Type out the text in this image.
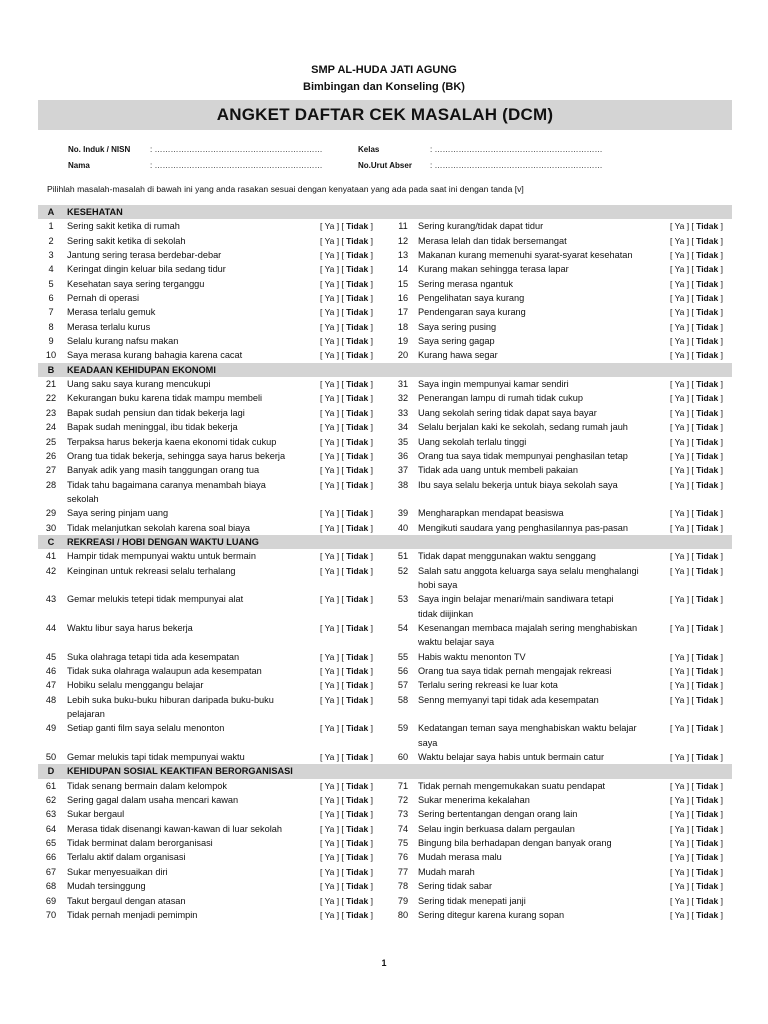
SMP AL-HUDA JATI AGUNG
Bimbingan dan Konseling (BK)
ANGKET DAFTAR CEK MASALAH (DCM)
No. Induk / NISN : ………………………………………………………
Nama	: ………………………………………………………
Kelas	: ………………………………………………………
No.Urut Abser : ………………………………………………………
Pilihlah masalah-masalah di bawah ini yang anda rasakan sesuai dengan kenyataan yang ada pada saat ini dengan tanda [v]
A	KESEHATAN
1	Sering sakit ketika di rumah	[ Ya ] [ Tidak ]	11	Sering kurang/tidak dapat tidur	[ Ya ] [ Tidak ]
2	Sering sakit ketika di sekolah	[ Ya ] [ Tidak ]	12	Merasa lelah dan tidak bersemangat	[ Ya ] [ Tidak ]
3	Jantung sering terasa berdebar-debar	[ Ya ] [ Tidak ]	13	Makanan kurang memenuhi syarat-syarat kesehatan	[ Ya ] [ Tidak ]
4	Keringat dingin keluar bila sedang tidur	[ Ya ] [ Tidak ]	14	Kurang makan sehingga terasa lapar	[ Ya ] [ Tidak ]
5	Kesehatan saya sering terganggu	[ Ya ] [ Tidak ]	15	Sering merasa ngantuk	[ Ya ] [ Tidak ]
6	Pernah di operasi	[ Ya ] [ Tidak ]	16	Pengelihatan saya kurang	[ Ya ] [ Tidak ]
7	Merasa terlalu gemuk	[ Ya ] [ Tidak ]	17	Pendengaran saya kurang	[ Ya ] [ Tidak ]
8	Merasa terlalu kurus	[ Ya ] [ Tidak ]	18	Saya sering pusing	[ Ya ] [ Tidak ]
9	Selalu kurang nafsu makan	[ Ya ] [ Tidak ]	19	Saya sering gagap	[ Ya ] [ Tidak ]
10	Saya merasa kurang bahagia karena cacat	[ Ya ] [ Tidak ]	20	Kurang hawa segar	[ Ya ] [ Tidak ]
B	KEADAAN KEHIDUPAN EKONOMI
21	Uang saku saya kurang mencukupi	[ Ya ] [ Tidak ]	31	Saya ingin mempunyai kamar sendiri	[ Ya ] [ Tidak ]
22	Kekurangan buku karena tidak mampu membeli	[ Ya ] [ Tidak ]	32	Penerangan lampu di rumah tidak cukup	[ Ya ] [ Tidak ]
23	Bapak sudah pensiun dan tidak bekerja lagi	[ Ya ] [ Tidak ]	33	Uang sekolah sering tidak dapat saya bayar	[ Ya ] [ Tidak ]
24	Bapak sudah meninggal, ibu tidak bekerja	[ Ya ] [ Tidak ]	34	Selalu berjalan kaki ke sekolah, sedang rumah jauh	[ Ya ] [ Tidak ]
25	Terpaksa harus bekerja kaena ekonomi tidak cukup	[ Ya ] [ Tidak ]	35	Uang sekolah terlalu tinggi	[ Ya ] [ Tidak ]
26	Orang tua tidak bekerja, sehingga saya harus bekerja	[ Ya ] [ Tidak ]	36	Orang tua saya tidak mempunyai penghasilan tetap	[ Ya ] [ Tidak ]
27	Banyak adik yang masih tanggungan orang tua	[ Ya ] [ Tidak ]	37	Tidak ada uang untuk membeli pakaian	[ Ya ] [ Tidak ]
28	Tidak tahu bagaimana caranya menambah biaya	[ Ya ] [ Tidak ]	38	Ibu saya selalu bekerja untuk biaya sekolah saya	[ Ya ] [ Tidak ]
sekolah
29	Saya sering pinjam uang	[ Ya ] [ Tidak ]	39	Mengharapkan mendapat beasiswa	[ Ya ] [ Tidak ]
30	Tidak melanjutkan sekolah karena soal biaya	[ Ya ] [ Tidak ]	40	Mengikuti saudara yang penghasilannya pas-pasan	[ Ya ] [ Tidak ]
C	REKREASI / HOBI DENGAN WAKTU LUANG
41	Hampir tidak mempunyai waktu untuk bermain	[ Ya ] [ Tidak ]	51	Tidak dapat menggunakan waktu senggang	[ Ya ] [ Tidak ]
42	Keinginan untuk rekreasi selalu terhalang	[ Ya ] [ Tidak ]	52	Salah satu anggota keluarga saya selalu menghalangi	[ Ya ] [ Tidak ]
hobi saya
43	Gemar melukis tetepi tidak mempunyai alat	[ Ya ] [ Tidak ]	53	Saya ingin belajar menari/main sandiwara tetapi	[ Ya ] [ Tidak ]
tidak diijinkan
44	Waktu libur saya harus bekerja	[ Ya ] [ Tidak ]	54	Kesenangan membaca majalah sering menghabiskan	[ Ya ] [ Tidak ]
waktu belajar saya
45	Suka olahraga tetapi tida ada kesempatan	[ Ya ] [ Tidak ]	55	Habis waktu menonton TV	[ Ya ] [ Tidak ]
46	Tidak suka olahraga walaupun ada kesempatan	[ Ya ] [ Tidak ]	56	Orang tua saya tidak pernah mengajak rekreasi	[ Ya ] [ Tidak ]
47	Hobiku selalu menggangu belajar	[ Ya ] [ Tidak ]	57	Terlalu sering rekreasi ke luar kota	[ Ya ] [ Tidak ]
48	Lebih suka buku-buku hiburan daripada buku-buku	[ Ya ] [ Tidak ]	58	Senng memyanyi tapi tidak ada kesempatan	[ Ya ] [ Tidak ]
pelajaran
49	Setiap ganti film saya selalu menonton	[ Ya ] [ Tidak ]	59	Kedatangan teman saya menghabiskan waktu belajar	[ Ya ] [ Tidak ]
saya
50	Gemar melukis tapi tidak mempunyai waktu	[ Ya ] [ Tidak ]	60	Waktu belajar saya habis untuk bermain catur	[ Ya ] [ Tidak ]
D	KEHIDUPAN SOSIAL KEAKTIFAN BERORGANISASI
61	Tidak senang bermain dalam kelompok	[ Ya ] [ Tidak ]	71	Tidak pernah mengemukakan suatu pendapat	[ Ya ] [ Tidak ]
62	Sering gagal dalam usaha mencari kawan	[ Ya ] [ Tidak ]	72	Sukar menerima kekalahan	[ Ya ] [ Tidak ]
63	Sukar bergaul	[ Ya ] [ Tidak ]	73	Sering bertentangan dengan orang lain	[ Ya ] [ Tidak ]
64	Merasa tidak disenangi kawan-kawan di luar sekolah	[ Ya ] [ Tidak ]	74	Selau ingin berkuasa dalam pergaulan	[ Ya ] [ Tidak ]
65	Tidak berminat dalam berorganisasi	[ Ya ] [ Tidak ]	75	Bingung bila berhadapan dengan banyak orang	[ Ya ] [ Tidak ]
66	Terlalu aktif dalam organisasi	[ Ya ] [ Tidak ]	76	Mudah merasa malu	[ Ya ] [ Tidak ]
67	Sukar menyesuaikan diri	[ Ya ] [ Tidak ]	77	Mudah marah	[ Ya ] [ Tidak ]
68	Mudah tersinggung	[ Ya ] [ Tidak ]	78	Sering tidak sabar	[ Ya ] [ Tidak ]
69	Takut bergaul dengan atasan	[ Ya ] [ Tidak ]	79	Sering tidak menepati janji	[ Ya ] [ Tidak ]
70	Tidak pernah menjadi pemimpin	[ Ya ] [ Tidak ]	80	Sering ditegur karena kurang sopan	[ Ya ] [ Tidak ]
1
